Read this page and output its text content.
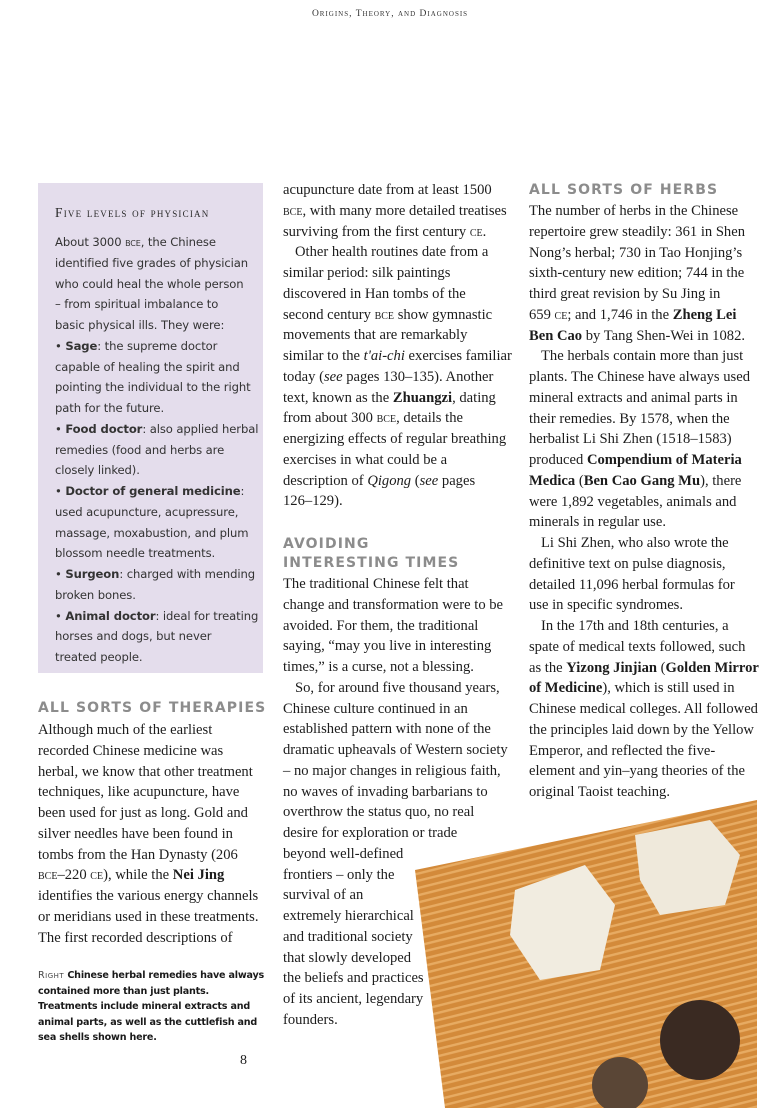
Origins, Theory, and Diagnosis
Five levels of physician
About 3000 bce, the Chinese
identified five grades of physician
who could heal the whole person
– from spiritual imbalance to
basic physical ills. They were:
• Sage: the supreme doctor
capable of healing the spirit and
pointing the individual to the right
path for the future.
• Food doctor: also applied herbal
remedies (food and herbs are
closely linked).
• Doctor of general medicine:
used acupuncture, acupressure,
massage, moxabustion, and plum
blossom needle treatments.
• Surgeon: charged with mending
broken bones.
• Animal doctor: ideal for treating
horses and dogs, but never
treated people.
ALL SORTS OF THERAPIES
Although much of the earliest
recorded Chinese medicine was
herbal, we know that other treatment
techniques, like acupuncture, have
been used for just as long. Gold and
silver needles have been found in
tombs from the Han Dynasty (206
bce–220 ce), while the Nei Jing
identifies the various energy channels
or meridians used in these treatments.
The first recorded descriptions of
Right Chinese herbal remedies have always contained more than just plants. Treatments include mineral extracts and animal parts, as well as the cuttlefish and sea shells shown here.
acupuncture date from at least 1500
bce, with many more detailed treatises
surviving from the first century ce.
Other health routines date from a
similar period: silk paintings
discovered in Han tombs of the
second century bce show gymnastic
movements that are remarkably
similar to the t'ai-chi exercises familiar
today (see pages 130–135). Another
text, known as the Zhuangzi, dating
from about 300 bce, details the
energizing effects of regular breathing
exercises in what could be a
description of Qigong (see pages
126–129).
AVOIDING
INTERESTING TIMES
The traditional Chinese felt that
change and transformation were to be
avoided. For them, the traditional
saying, “may you live in interesting
times,” is a curse, not a blessing.
So, for around five thousand years,
Chinese culture continued in an
established pattern with none of the
dramatic upheavals of Western society
– no major changes in religious faith,
no waves of invading barbarians to
overthrow the status quo, no real
desire for exploration or trade
beyond well-defined
frontiers – only the
survival of an
extremely hierarchical
and traditional society
that slowly developed
the beliefs and practices
of its ancient, legendary
founders.
ALL SORTS OF HERBS
The number of herbs in the Chinese
repertoire grew steadily: 361 in Shen
Nong’s herbal; 730 in Tao Honjing’s
sixth-century new edition; 744 in the
third great revision by Su Jing in
659 ce; and 1,746 in the Zheng Lei
Ben Cao by Tang Shen-Wei in 1082.
The herbals contain more than just
plants. The Chinese have always used
mineral extracts and animal parts in
their remedies. By 1578, when the
herbalist Li Shi Zhen (1518–1583)
produced Compendium of Materia
Medica (Ben Cao Gang Mu), there
were 1,892 vegetables, animals and
minerals in regular use.
Li Shi Zhen, who also wrote the
definitive text on pulse diagnosis,
detailed 11,096 herbal formulas for
use in specific syndromes.
In the 17th and 18th centuries, a
spate of medical texts followed, such
as the Yizong Jinjian (Golden Mirror
of Medicine), which is still used in
Chinese medical colleges. All followed
the principles laid down by the Yellow
Emperor, and reflected the five-
element and yin–yang theories of the
original Taoist teaching.
8
